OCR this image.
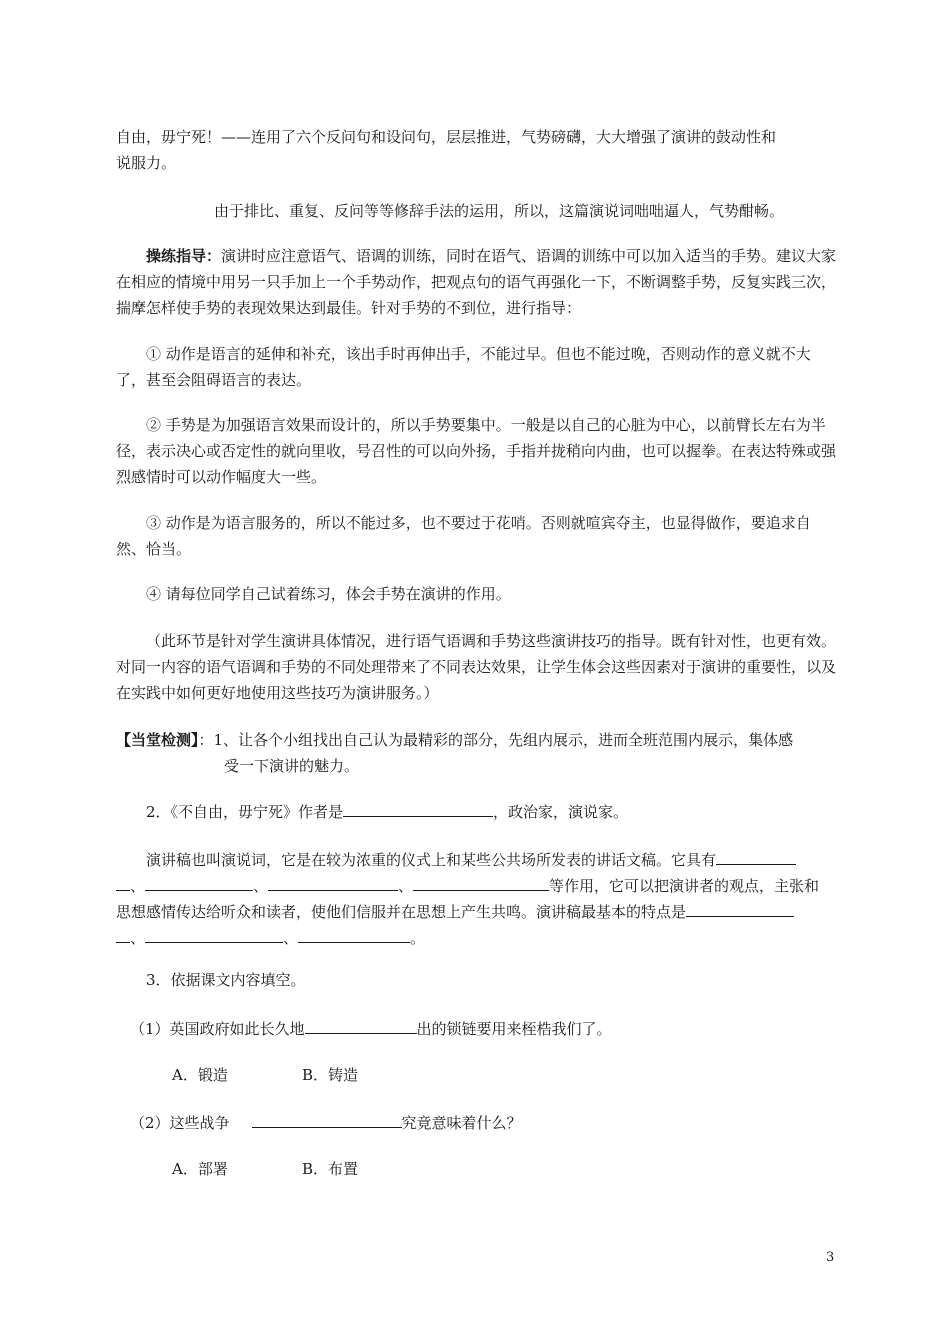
自由，毋宁死！——连用了六个反问句和设问句，层层推进，气势磅礴，大大增强了演讲的鼓动性和
说服力。

由于排比、重复、反问等等修辞手法的运用，所以，这篇演说词咄咄逼人，气势酣畅。

操练指导：演讲时应注意语气、语调的训练，同时在语气、语调的训练中可以加入适当的手势。建议大家在相应的情境中用另一只手加上一个手势动作，把观点句的语气再强化一下，不断调整手势，反复实践三次，揣摩怎样使手势的表现效果达到最佳。针对手势的不到位，进行指导：

① 动作是语言的延伸和补充，该出手时再伸出手，不能过早。但也不能过晚，否则动作的意义就不大了，甚至会阻碍语言的表达。

② 手势是为加强语言效果而设计的，所以手势要集中。一般是以自己的心脏为中心，以前臂长左右为半径，表示决心或否定性的就向里收，号召性的可以向外扬，手指并拢稍向内曲，也可以握拳。在表达特殊或强烈感情时可以动作幅度大一些。

③ 动作是为语言服务的，所以不能过多，也不要过于花哨。否则就喧宾夺主，也显得做作，要追求自然、恰当。

④ 请每位同学自己试着练习，体会手势在演讲的作用。

（此环节是针对学生演讲具体情况，进行语气语调和手势这些演讲技巧的指导。既有针对性，也更有效。对同一内容的语气语调和手势的不同处理带来了不同表达效果，让学生体会这些因素对于演讲的重要性，以及在实践中如何更好地使用这些技巧为演讲服务。）

【当堂检测】：1、让各个小组找出自己认为最精彩的部分，先组内展示，进而全班范围内展示，集体感
受一下演讲的魅力。

2．《不自由，毋宁死》作者是	，政治家，演说家。

演讲稿也叫演说词，它是在较为浓重的仪式上和某些公共场所发表的讲话文稿。它具有
、	、	、	等作用，它可以把演讲者的观点，主张和
思想感情传达给听众和读者，使他们信服并在思想上产生共鸣。演讲稿最基本的特点是
、	、	。

3．依据课文内容填空。

（1）英国政府如此长久地	出的锁链要用来桎梏我们了。

A．锻造	B．铸造

（2）这些战争	究竟意味着什么？

A．部署	B．布置

3
